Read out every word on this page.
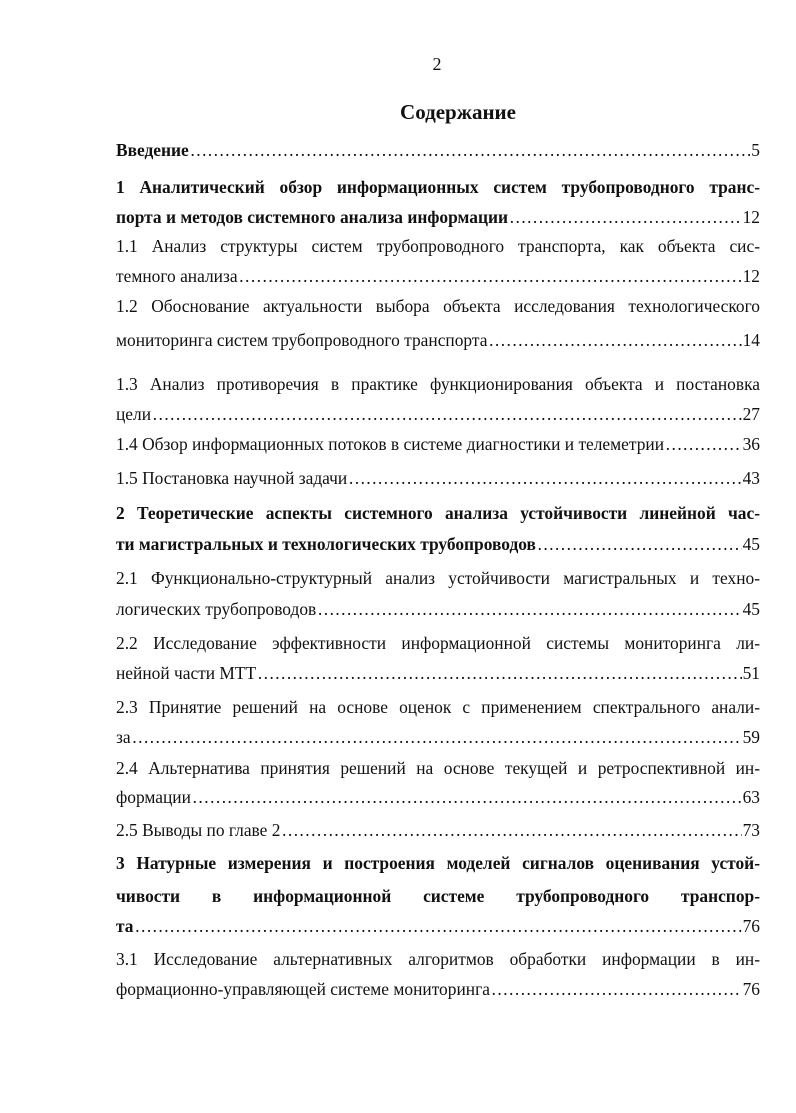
2
Содержание
Введение ……………………………………………………………………………………………………………………………………………………………………………………………	5
1 Аналитический обзор информационных систем трубопроводного транс-
порта и методов системного анализа информации ……………………………………………………………………………………………………………………………………………………………………………………………	12
1.1 Анализ структуры систем трубопроводного транспорта, как объекта сис-
темного анализа ……………………………………………………………………………………………………………………………………………………………………………………………	12
1.2 Обоснование актуальности выбора объекта исследования технологического
мониторинга систем трубопроводного транспорта ……………………………………………………………………………………………………………………………………………………………………………………………	14
1.3 Анализ противоречия в практике функционирования объекта и постановка
цели ……………………………………………………………………………………………………………………………………………………………………………………………	27
1.4 Обзор информационных потоков в системе диагностики и телеметрии ……………………………………………………………………………………………………………………………………………………………………………………………	36
1.5 Постановка научной задачи ……………………………………………………………………………………………………………………………………………………………………………………………	43
2 Теоретические аспекты системного анализа устойчивости линейной час-
ти магистральных и технологических трубопроводов ……………………………………………………………………………………………………………………………………………………………………………………………	45
2.1 Функционально-структурный анализ устойчивости магистральных и техно-
логических трубопроводов ……………………………………………………………………………………………………………………………………………………………………………………………	45
2.2 Исследование эффективности информационной системы мониторинга ли-
нейной части МТТ ……………………………………………………………………………………………………………………………………………………………………………………………	51
2.3 Принятие решений на основе оценок с применением спектрального анали-
за ……………………………………………………………………………………………………………………………………………………………………………………………	59
2.4 Альтернатива принятия решений на основе текущей и ретроспективной ин-
формации ……………………………………………………………………………………………………………………………………………………………………………………………	63
2.5 Выводы по главе 2 ……………………………………………………………………………………………………………………………………………………………………………………………	73
3 Натурные измерения и построения моделей сигналов оценивания устой-
чивости в информационной системе трубопроводного транспор-
та ……………………………………………………………………………………………………………………………………………………………………………………………	76
3.1 Исследование альтернативных алгоритмов обработки информации в ин-
формационно-управляющей системе мониторинга ……………………………………………………………………………………………………………………………………………………………………………………………	76
